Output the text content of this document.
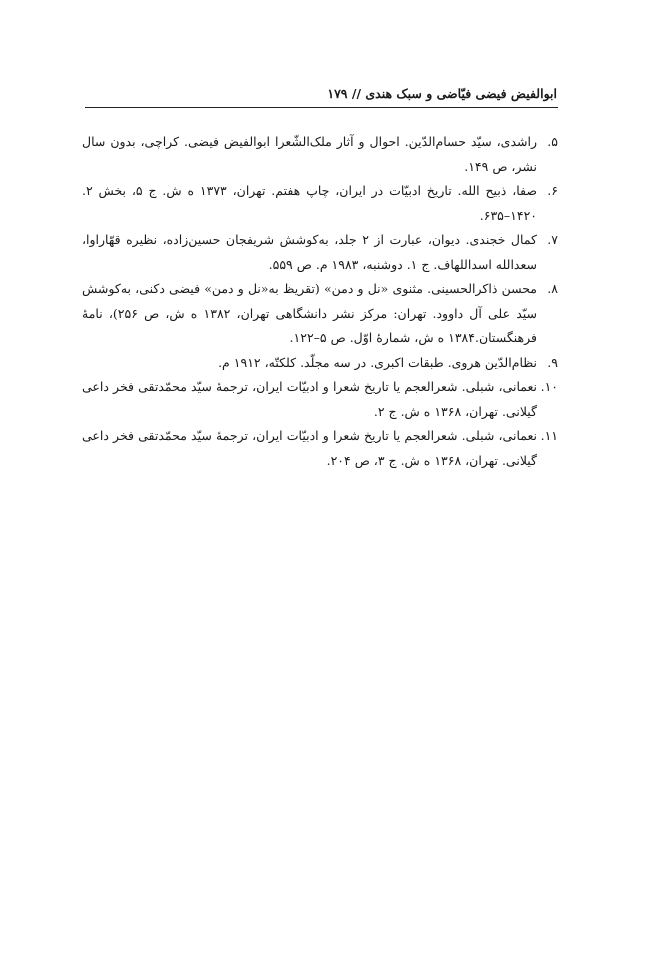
ابوالفیض فیضی فیّاضی و سبک هندی // ۱۷۹
۵.
راشدی، سیّد حسام‌الدّین. احوال و آثار ملک‌الشّعرا ابوالفیض فیضی. کراچی، بدون سال نشر، ص ۱۴۹.
۶.
صفا، ذبیح الله. تاریخ ادبیّات در ایران، چاپ هفتم. تهران، ۱۳۷۳ ه ش. ج ۵، بخش ۲. ۱۴۲۰–۶۳۵.
۷.
کمال خجندی. دیوان، عبارت از ۲ جلد، به‌کوشش شریفجان حسین‌زاده، نظیره قهّاراوا، سعدالله اسداللهاف. ج ۱. دوشنبه، ۱۹۸۳ م. ص ۵۵۹.
۸.
محسن ذاکرالحسینی. مثنوی «نل و دمن» (تقریظ به«نل و دمن» فیضی دکنی، به‌کوشش سیّد علی آل داوود. تهران: مرکز نشر دانشگاهی تهران، ۱۳۸۲ ه ش، ص ۲۵۶)، نامهٔ فرهنگستان.۱۳۸۴ ه ش، شمارهٔ اوّل. ص ۵–۱۲۲.
۹.
نظام‌الدّین هروی. طبقات اکبری. در سه مجلّد. کلکتّه، ۱۹۱۲ م.
۱۰.
نعمانی، شبلی. شعرالعجم یا تاریخ شعرا و ادبیّات ایران، ترجمهٔ سیّد محمّدتقی فخر داعی گیلانی. تهران، ۱۳۶۸ ه ش. ج ۲.
۱۱.
نعمانی، شبلی. شعرالعجم یا تاریخ شعرا و ادبیّات ایران، ترجمهٔ سیّد محمّدتقی فخر داعی گیلانی. تهران، ۱۳۶۸ ه ش. ج ۳، ص ۲۰۴.
